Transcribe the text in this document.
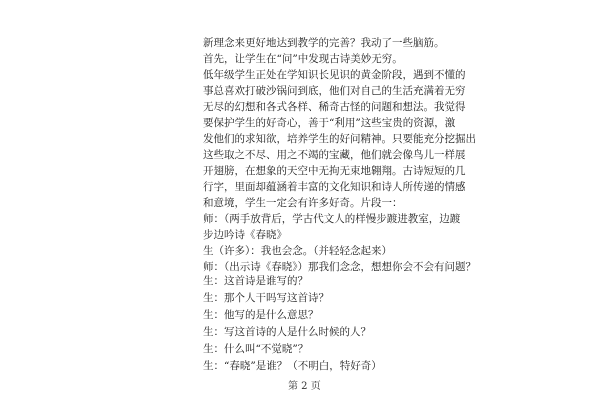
新理念来更好地达到教学的完善？我动了一些脑筋。
首先，让学生在“问”中发现古诗美妙无穷。
低年级学生正处在学知识长见识的黄金阶段，遇到不懂的
事总喜欢打破沙锅问到底，他们对自己的生活充满着无穷
无尽的幻想和各式各样、稀奇古怪的问题和想法。我觉得
要保护学生的好奇心，善于“利用”这些宝贵的资源，激
发他们的求知欲，培养学生的好问精神。只要能充分挖掘出
这些取之不尽、用之不竭的宝藏，他们就会像鸟儿一样展
开翅膀，在想象的天空中无拘无束地翱翔。古诗短短的几
行字，里面却蕴涵着丰富的文化知识和诗人所传递的情感
和意境，学生一定会有许多好奇。片段一：
师：（两手放背后，学古代文人的样慢步踱进教室，边踱
步边吟诗《春晓》
生（许多）：我也会念。（并轻轻念起来）
师：（出示诗《春晓》）那我们念念，想想你会不会有问题？
第 2 页
生：这首诗是谁写的？
生：那个人干吗写这首诗？
生：他写的是什么意思？
生：写这首诗的人是什么时候的人？
生：什么叫“不觉晓”？
生：“春晓”是谁？（不明白，特好奇）
